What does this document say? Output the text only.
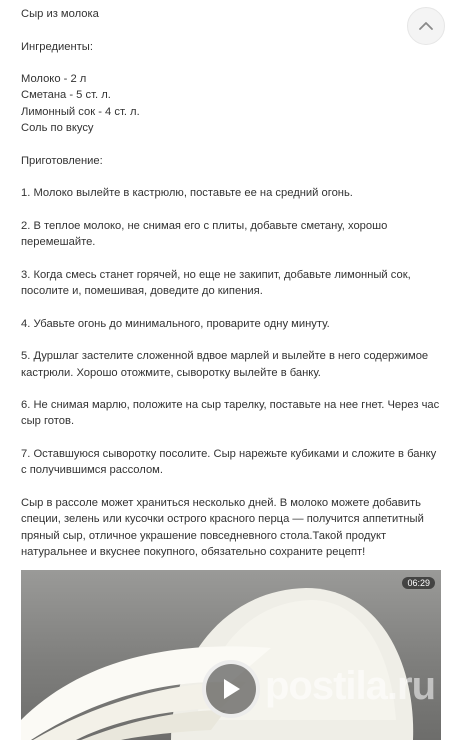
Сыр из молока

Ингредиенты:

Молоко - 2 л

Сметана - 5 ст. л.

Лимонный сок - 4 ст. л.

Соль по вкусу

Приготовление:

1. Молоко вылейте в кастрюлю, поставьте ее на средний огонь.

2. В теплое молоко, не снимая его с плиты, добавьте сметану, хорошо перемешайте.

3. Когда смесь станет горячей, но еще не закипит, добавьте лимонный сок, посолите и, помешивая, доведите до кипения.

4. Убавьте огонь до минимального, проварите одну минуту.

5. Дуршлаг застелите сложенной вдвое марлей и вылейте в него содержимое кастрюли. Хорошо отожмите, сыворотку вылейте в банку.

6. Не снимая марлю, положите на сыр тарелку, поставьте на нее гнет. Через час сыр готов.

7. Оставшуюся сыворотку посолите. Сыр нарежьте кубиками и сложите в банку с получившимся рассолом.

Сыр в рассоле может храниться несколько дней. В молоко можете добавить специи, зелень или кусочки острого красного перца — получится аппетитный пряный сыр, отличное украшение повседневного стола.Такой продукт натуральнее и вкуснее покупного, обязательно сохраните рецепт!

06:29
postila.ru
